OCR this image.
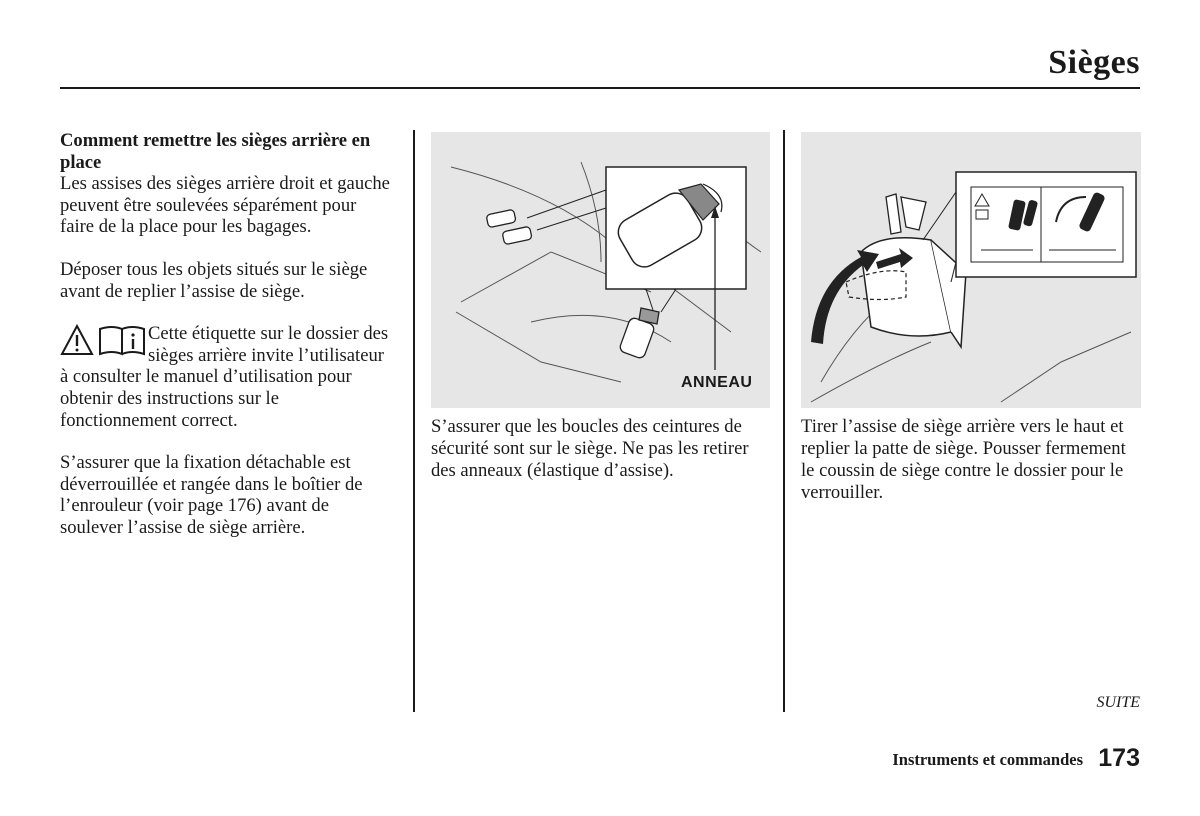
Sièges
Comment remettre les sièges arrière en place

Les assises des sièges arrière droit et gauche peuvent être soulevées séparément pour faire de la place pour les bagages.

Déposer tous les objets situés sur le siège avant de replier l’assise de siège.

Cette étiquette sur le dossier des sièges arrière invite l’utilisateur à consulter le manuel d’utilisation pour obtenir des instructions sur le fonctionnement correct.

S’assurer que la fixation détachable est déverrouillée et rangée dans le boîtier de l’enrouleur (voir page 176) avant de soulever l’assise de siège arrière.

ANNEAU
S’assurer que les boucles des ceintures de sécurité sont sur le siège. Ne pas les retirer des anneaux (élastique d’assise).
Tirer l’assise de siège arrière vers le haut et replier la patte de siège. Pousser fermement le coussin de siège contre le dossier pour le verrouiller.
SUITE
Instruments et commandes 173
